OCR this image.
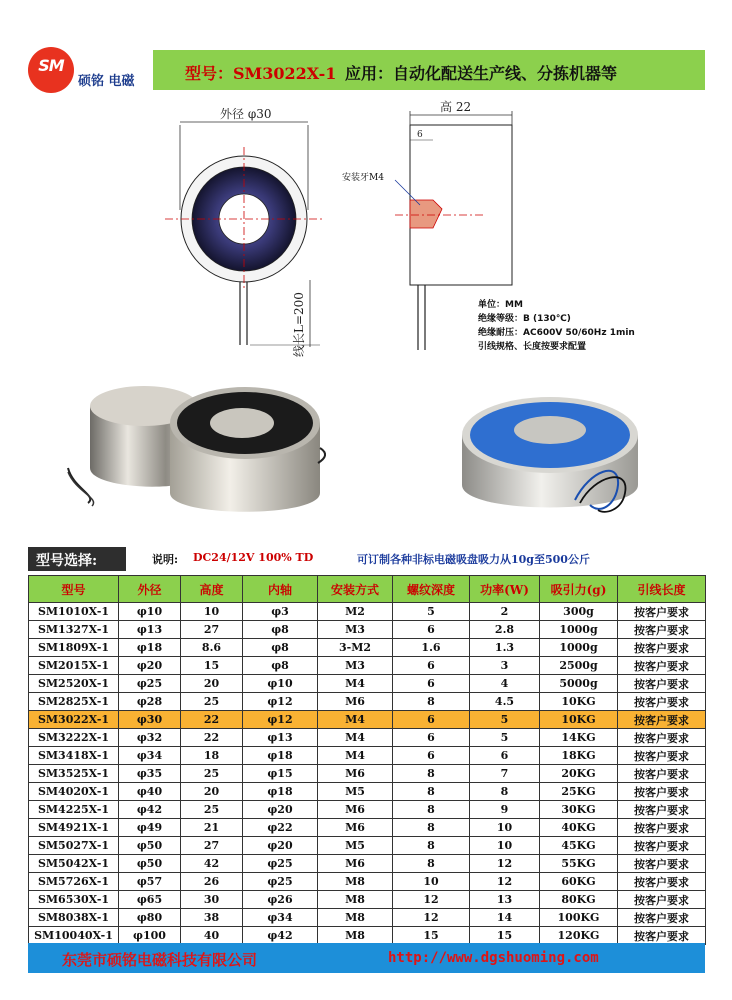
SM
硕铭 电磁	型号：SM3022X-1 应用：自动化配送生产线、分拣机器等
外径 φ30
线长L=200
高 22
6
安装牙M4
单位：MM
绝缘等级：B (130℃)
绝缘耐压：AC600V 50/60Hz 1min
引线规格、长度按要求配置
型号选择:	说明: DC24/12V 100% TD	可订制各种非标电磁吸盘吸力从10g至500公斤
型号	外径	高度	内轴	安装方式	螺纹深度	功率(W)	吸引力(g)	引线长度
SM1010X-1	φ10	10	φ3	M2	5	2	300g	按客户要求
SM1327X-1	φ13	27	φ8	M3	6	2.8	1000g	按客户要求
SM1809X-1	φ18	8.6	φ8	3-M2	1.6	1.3	1000g	按客户要求
SM2015X-1	φ20	15	φ8	M3	6	3	2500g	按客户要求
SM2520X-1	φ25	20	φ10	M4	6	4	5000g	按客户要求
SM2825X-1	φ28	25	φ12	M6	8	4.5	10KG	按客户要求
SM3022X-1	φ30	22	φ12	M4	6	5	10KG	按客户要求
SM3222X-1	φ32	22	φ13	M4	6	5	14KG	按客户要求
SM3418X-1	φ34	18	φ18	M4	6	6	18KG	按客户要求
SM3525X-1	φ35	25	φ15	M6	8	7	20KG	按客户要求
SM4020X-1	φ40	20	φ18	M5	8	8	25KG	按客户要求
SM4225X-1	φ42	25	φ20	M6	8	9	30KG	按客户要求
SM4921X-1	φ49	21	φ22	M6	8	10	40KG	按客户要求
SM5027X-1	φ50	27	φ20	M5	8	10	45KG	按客户要求
SM5042X-1	φ50	42	φ25	M6	8	12	55KG	按客户要求
SM5726X-1	φ57	26	φ25	M8	10	12	60KG	按客户要求
SM6530X-1	φ65	30	φ26	M8	12	13	80KG	按客户要求
SM8038X-1	φ80	38	φ34	M8	12	14	100KG	按客户要求
SM10040X-1	φ100	40	φ42	M8	15	15	120KG	按客户要求
东莞市硕铭电磁科技有限公司	http://www.dgshuoming.com
